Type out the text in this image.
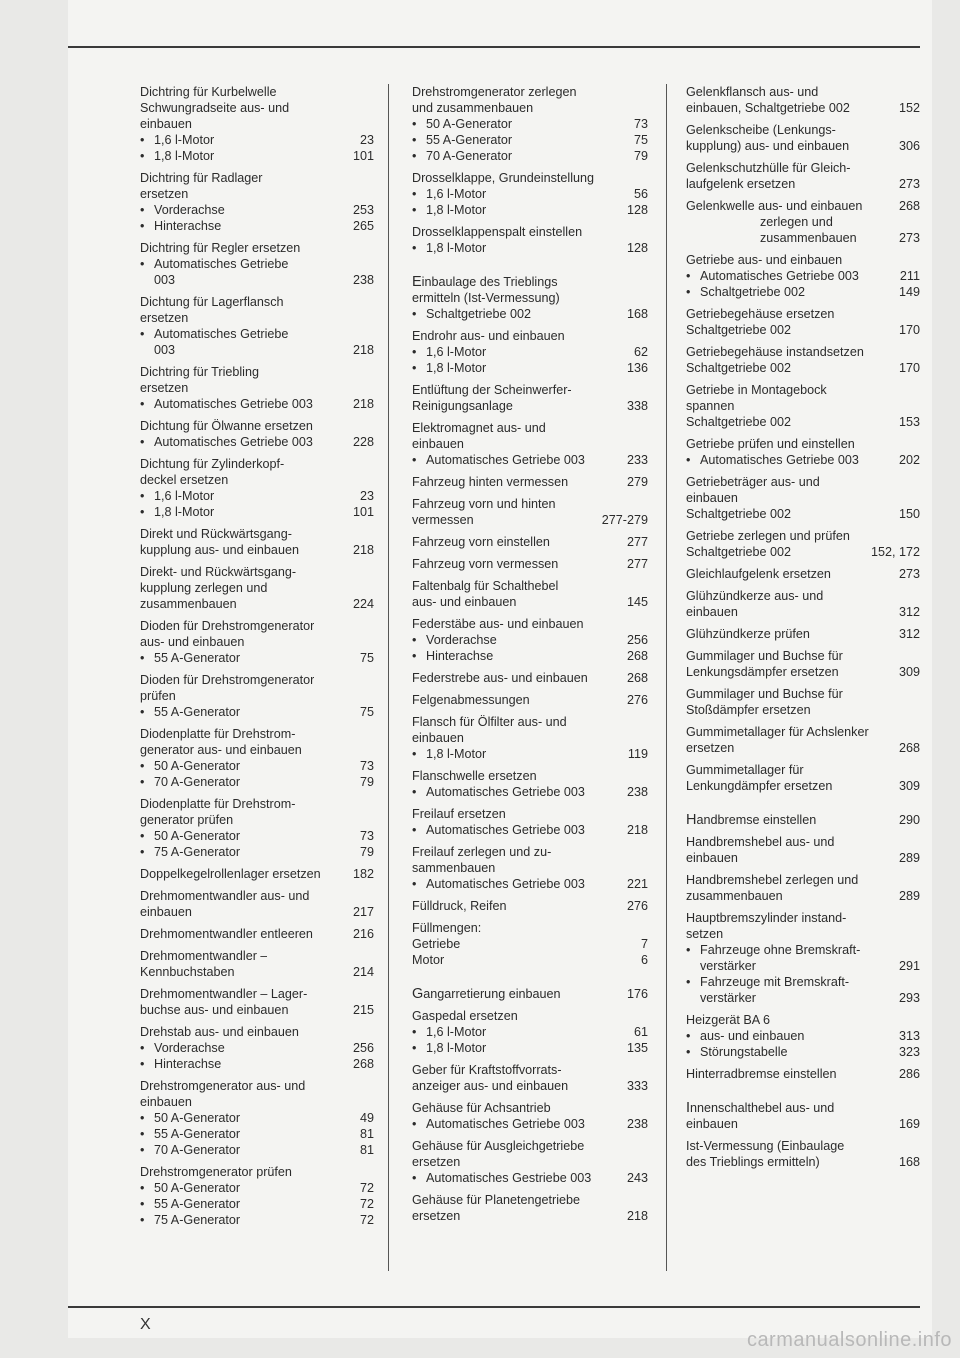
Dichtring für Kurbelwelle
Schwungradseite aus- und
einbauen
• 1,6 l-Motor	23
• 1,8 l-Motor	101
Dichtring für Radlager
ersetzen
• Vorderachse	253
• Hinterachse	265
Dichtring für Regler ersetzen
• Automatisches Getriebe
003	238
Dichtung für Lagerflansch
ersetzen
• Automatisches Getriebe
003	218
Dichtring für Triebling
ersetzen
• Automatisches Getriebe 003	218
Dichtung für Ölwanne ersetzen
• Automatisches Getriebe 003	228
Dichtung für Zylinderkopf-
deckel ersetzen
• 1,6 l-Motor	23
• 1,8 l-Motor	101
Direkt und Rückwärtsgang-
kupplung aus- und einbauen	218
Direkt- und Rückwärtsgang-
kupplung zerlegen und
zusammenbauen	224
Dioden für Drehstromgenerator
aus- und einbauen
• 55 A-Generator	75
Dioden für Drehstromgenerator
prüfen
• 55 A-Generator	75
Diodenplatte für Drehstrom-
generator aus- und einbauen
• 50 A-Generator	73
• 70 A-Generator	79
Diodenplatte für Drehstrom-
generator prüfen
• 50 A-Generator	73
• 75 A-Generator	79
Doppelkegelrollenlager ersetzen	182
Drehmomentwandler aus- und
einbauen	217
Drehmomentwandler entleeren	216
Drehmomentwandler –
Kennbuchstaben	214
Drehmomentwandler – Lager-
buchse aus- und einbauen	215
Drehstab aus- und einbauen
• Vorderachse	256
• Hinterachse	268
Drehstromgenerator aus- und
einbauen
• 50 A-Generator	49
• 55 A-Generator	81
• 70 A-Generator	81
Drehstromgenerator prüfen
• 50 A-Generator	72
• 55 A-Generator	72
• 75 A-Generator	72
Drehstromgenerator zerlegen
und zusammenbauen
• 50 A-Generator	73
• 55 A-Generator	75
• 70 A-Generator	79
Drosselklappe, Grundeinstellung
• 1,6 l-Motor	56
• 1,8 l-Motor	128
Drosselklappenspalt einstellen
• 1,8 l-Motor	128
Einbaulage des Trieblings
ermitteln (Ist-Vermessung)
• Schaltgetriebe 002	168
Endrohr aus- und einbauen
• 1,6 l-Motor	62
• 1,8 l-Motor	136
Entlüftung der Scheinwerfer-
Reinigungsanlage	338
Elektromagnet aus- und
einbauen
• Automatisches Getriebe 003	233
Fahrzeug hinten vermessen	279
Fahrzeug vorn und hinten
vermessen	277-279
Fahrzeug vorn einstellen	277
Fahrzeug vorn vermessen	277
Faltenbalg für Schalthebel
aus- und einbauen	145
Federstäbe aus- und einbauen
• Vorderachse	256
• Hinterachse	268
Federstrebe aus- und einbauen	268
Felgenabmessungen	276
Flansch für Ölfilter aus- und
einbauen
• 1,8 l-Motor	119
Flanschwelle ersetzen
• Automatisches Getriebe 003	238
Freilauf ersetzen
• Automatisches Getriebe 003	218
Freilauf zerlegen und zu-
sammenbauen
• Automatisches Getriebe 003	221
Fülldruck, Reifen	276
Füllmengen:
Getriebe	7
Motor	6
Gangarretierung einbauen	176
Gaspedal ersetzen
• 1,6 l-Motor	61
• 1,8 l-Motor	135
Geber für Kraftstoffvorrats-
anzeiger aus- und einbauen	333
Gehäuse für Achsantrieb
• Automatisches Getriebe 003	238
Gehäuse für Ausgleichgetriebe
ersetzen
• Automatisches Gestriebe 003	243
Gehäuse für Planetengetriebe
ersetzen	218
Gelenkflansch aus- und
einbauen, Schaltgetriebe 002	152
Gelenkscheibe (Lenkungs-
kupplung) aus- und einbauen	306
Gelenkschutzhülle für Gleich-
laufgelenk ersetzen	273
Gelenkwelle aus- und einbauen	268
zerlegen und
zusammenbauen	273
Getriebe aus- und einbauen
• Automatisches Getriebe 003	211
• Schaltgetriebe 002	149
Getriebegehäuse ersetzen
Schaltgetriebe 002	170
Getriebegehäuse instandsetzen
Schaltgetriebe 002	170
Getriebe in Montagebock
spannen
Schaltgetriebe 002	153
Getriebe prüfen und einstellen
• Automatisches Getriebe 003	202
Getriebeträger aus- und
einbauen
Schaltgetriebe 002	150
Getriebe zerlegen und prüfen
Schaltgetriebe 002	152, 172
Gleichlaufgelenk ersetzen	273
Glühzündkerze aus- und
einbauen	312
Glühzündkerze prüfen	312
Gummilager und Buchse für
Lenkungsdämpfer ersetzen	309
Gummilager und Buchse für
Stoßdämpfer ersetzen
Gummimetallager für Achslenker
ersetzen	268
Gummimetallager für
Lenkungdämpfer ersetzen	309
Handbremse einstellen	290
Handbremshebel aus- und
einbauen	289
Handbremshebel zerlegen und
zusammenbauen	289
Hauptbremszylinder instand-
setzen
• Fahrzeuge ohne Bremskraft-
verstärker	291
• Fahrzeuge mit Bremskraft-
verstärker	293
Heizgerät BA 6
• aus- und einbauen	313
• Störungstabelle	323
Hinterradbremse einstellen	286
Innenschalthebel aus- und
einbauen	169
Ist-Vermessung (Einbaulage
des Trieblings ermitteln)	168
X
carmanualsonline.info
